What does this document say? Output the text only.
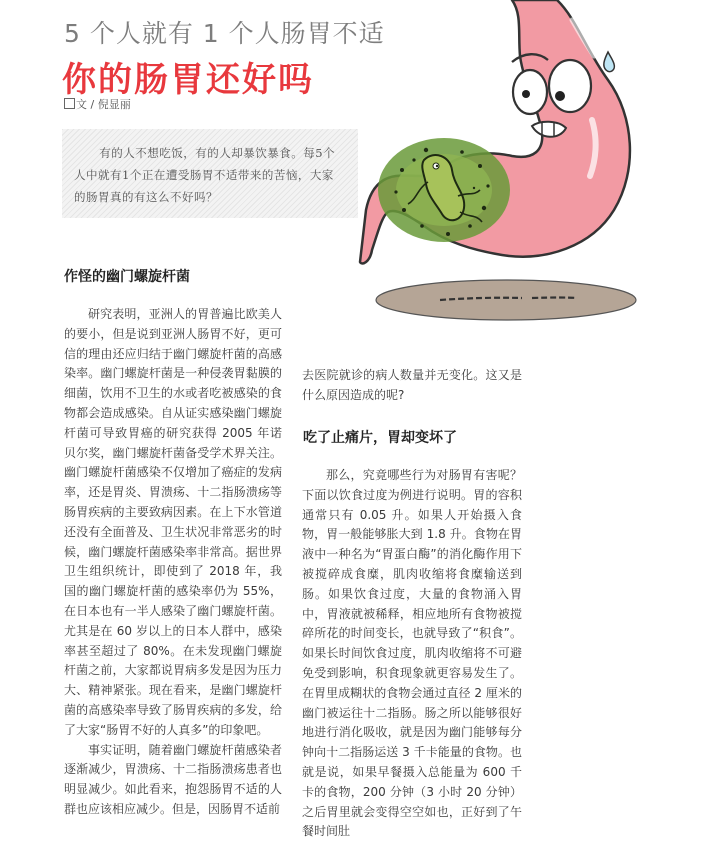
5 个人就有 1 个人肠胃不适
你的肠胃还好吗
文 / 倪显丽
有的人不想吃饭，有的人却暴饮暴食。每5个人中就有1个正在遭受肠胃不适带来的苦恼，大家的肠胃真的有这么不好吗？
作怪的幽门螺旋杆菌

研究表明，亚洲人的胃普遍比欧美人的要小，但是说到亚洲人肠胃不好，更可信的理由还应归结于幽门螺旋杆菌的高感染率。幽门螺旋杆菌是一种侵袭胃黏膜的细菌，饮用不卫生的水或者吃被感染的食物都会造成感染。自从证实感染幽门螺旋杆菌可导致胃癌的研究获得 2005 年诺贝尔奖，幽门螺旋杆菌备受学术界关注。幽门螺旋杆菌感染不仅增加了癌症的发病率，还是胃炎、胃溃疡、十二指肠溃疡等肠胃疾病的主要致病因素。在上下水管道还没有全面普及、卫生状况非常恶劣的时候，幽门螺旋杆菌感染率非常高。据世界卫生组织统计，即使到了 2018 年，我国的幽门螺旋杆菌的感染率仍为 55%，在日本也有一半人感染了幽门螺旋杆菌。尤其是在 60 岁以上的日本人群中，感染率甚至超过了 80%。在未发现幽门螺旋杆菌之前，大家都说胃病多发是因为压力大、精神紧张。现在看来，是幽门螺旋杆菌的高感染率导致了肠胃疾病的多发，给了大家“肠胃不好的人真多”的印象吧。

事实证明，随着幽门螺旋杆菌感染者逐渐减少，胃溃疡、十二指肠溃疡患者也明显减少。如此看来，抱怨肠胃不适的人群也应该相应减少。但是，因肠胃不适前

去医院就诊的病人数量并无变化。这又是什么原因造成的呢?

吃了止痛片，胃却变坏了

那么，究竟哪些行为对肠胃有害呢？下面以饮食过度为例进行说明。胃的容积通常只有 0.05 升。如果人开始摄入食物，胃一般能够胀大到 1.8 升。食物在胃液中一种名为“胃蛋白酶”的消化酶作用下被搅碎成食糜，肌肉收缩将食糜输送到肠。如果饮食过度，大量的食物涌入胃中，胃液就被稀释，相应地所有食物被搅碎所花的时间变长，也就导致了“积食”。如果长时间饮食过度，肌肉收缩将不可避免受到影响，积食现象就更容易发生了。在胃里成糊状的食物会通过直径 2 厘米的幽门被运往十二指肠。肠之所以能够很好地进行消化吸收，就是因为幽门能够每分钟向十二指肠运送 3 千卡能量的食物。也就是说，如果早餐摄入总能量为 600 千卡的食物，200 分钟（3 小时 20 分钟）之后胃里就会变得空空如也，正好到了午餐时间肚
